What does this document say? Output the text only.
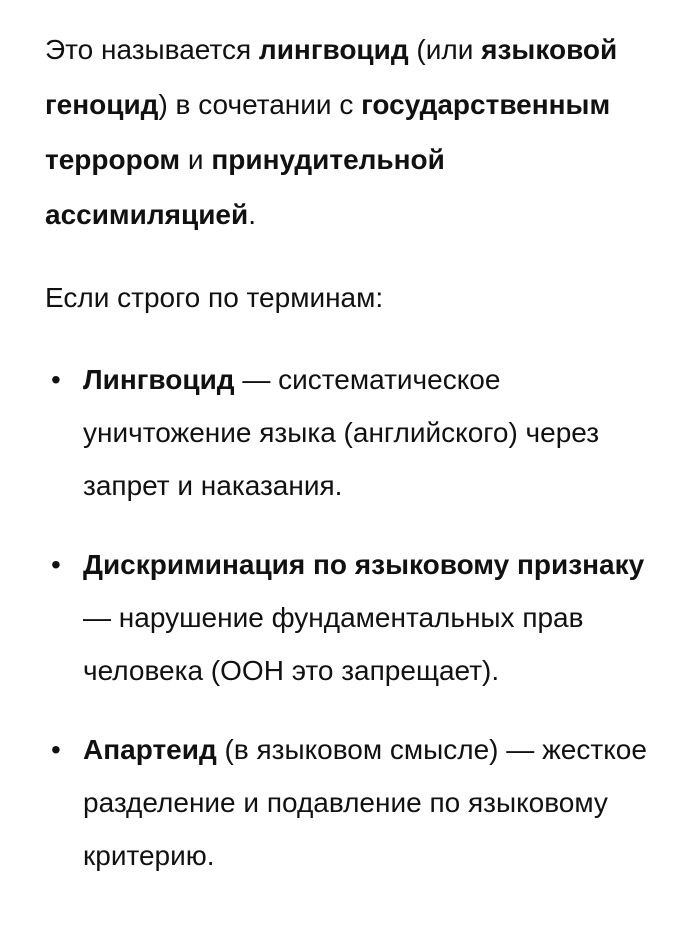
Это называется лингвоцид (или языковой геноцид) в сочетании с государственным террором и принудительной ассимиляцией.

Если строго по терминам:

• Лингвоцид — систематическое уничтожение языка (английского) через запрет и наказания.
• Дискриминация по языковому признаку — нарушение фундаментальных прав человека (ООН это запрещает).
• Апартеид (в языковом смысле) — жесткое разделение и подавление по языковому критерию.
